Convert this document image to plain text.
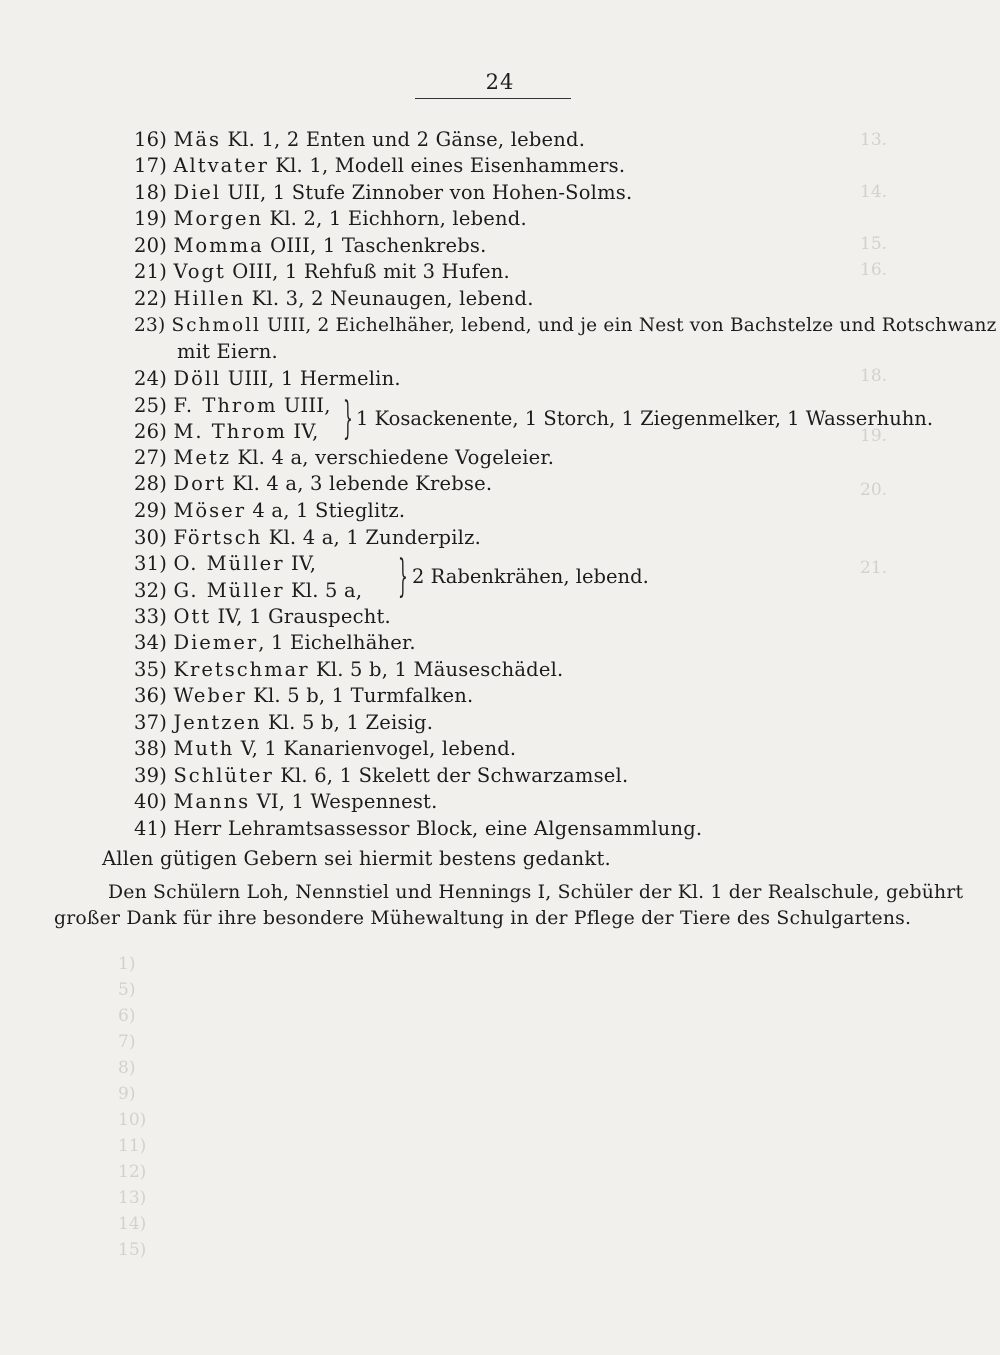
24
13.
14.
15.
16.
18.
19.
20.
21.
16) Mäs Kl. 1, 2 Enten und 2 Gänse, lebend.
17) Altvater Kl. 1, Modell eines Eisenhammers.
18) Diel UII, 1 Stufe Zinnober von Hohen-Solms.
19) Morgen Kl. 2, 1 Eichhorn, lebend.
20) Momma OIII, 1 Taschenkrebs.
21) Vogt OIII, 1 Rehfuß mit 3 Hufen.
22) Hillen Kl. 3, 2 Neunaugen, lebend.
23) Schmoll UIII, 2 Eichelhäher, lebend, und je ein Nest von Bachstelze und Rotschwanz
mit Eiern.
24) Döll UIII, 1 Hermelin.
25) F. Throm UIII,
26) M. Throm IV, } 1 Kosackenente, 1 Storch, 1 Ziegenmelker, 1 Wasserhuhn.
27) Metz Kl. 4 a, verschiedene Vogeleier.
28) Dort Kl. 4 a, 3 lebende Krebse.
29) Möser 4 a, 1 Stieglitz.
30) Förtsch Kl. 4 a, 1 Zunderpilz.
31) O. Müller IV,
32) G. Müller Kl. 5 a, } 2 Rabenkrähen, lebend.
33) Ott IV, 1 Grauspecht.
34) Diemer, 1 Eichelhäher.
35) Kretschmar Kl. 5 b, 1 Mäuseschädel.
36) Weber Kl. 5 b, 1 Turmfalken.
37) Jentzen Kl. 5 b, 1 Zeisig.
38) Muth V, 1 Kanarienvogel, lebend.
39) Schlüter Kl. 6, 1 Skelett der Schwarzamsel.
40) Manns VI, 1 Wespennest.
41) Herr Lehramtsassessor Block, eine Algensammlung.
Allen gütigen Gebern sei hiermit bestens gedankt.
Den Schülern Loh, Nennstiel und Hennings I, Schüler der Kl. 1 der Realschule, gebührt
großer Dank für ihre besondere Mühewaltung in der Pflege der Tiere des Schulgartens.
1)
5)
6)
7)
8)
9)
10)
11)
12)
13)
14)
15)
